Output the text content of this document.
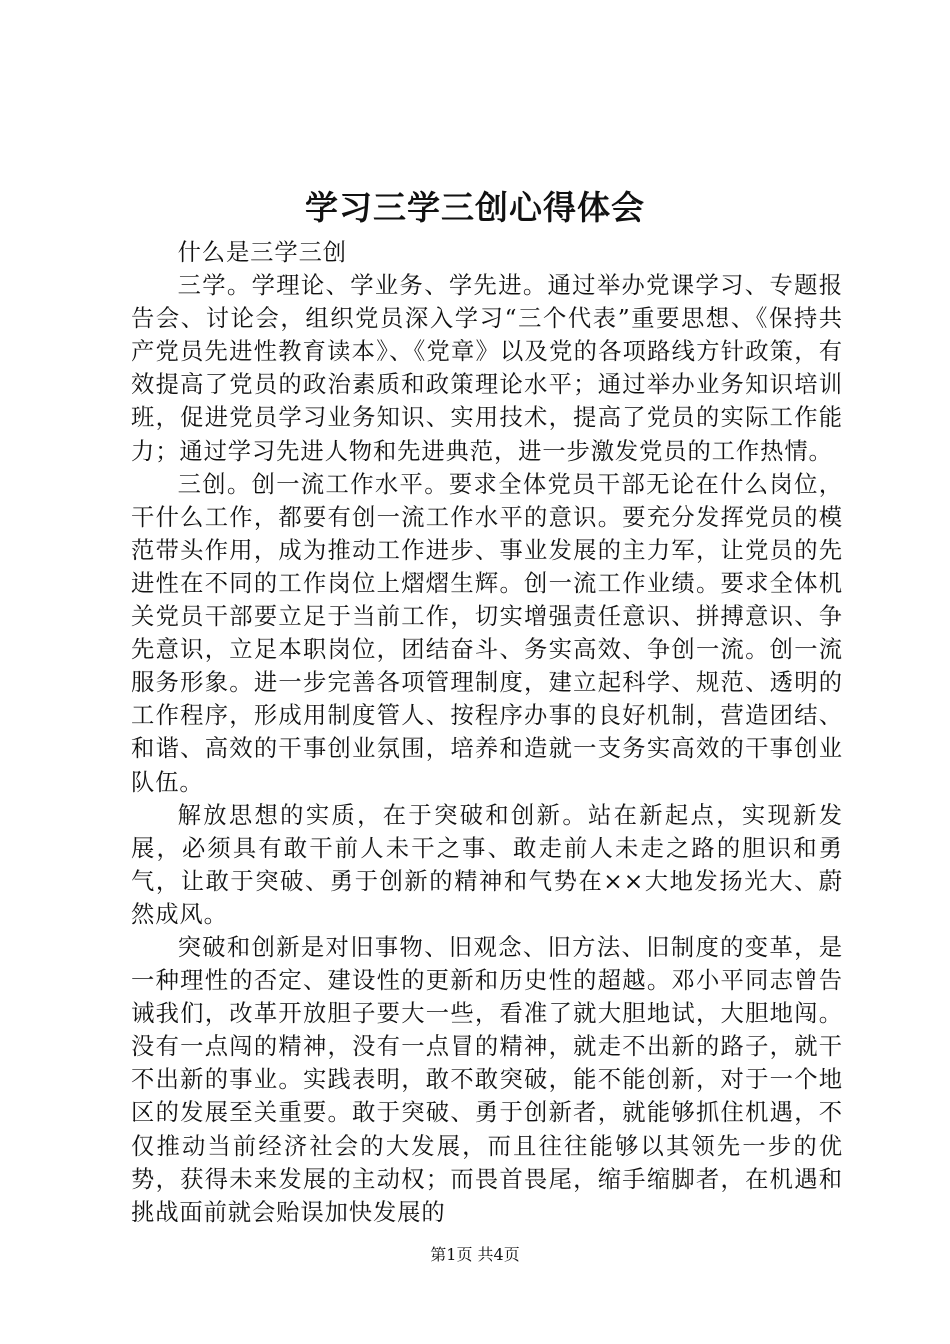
学习三学三创心得体会

什么是三学三创

三学。学理论、学业务、学先进。通过举办党课学习、专题报告会、讨论会，组织党员深入学习“三个代表”重要思想、《保持共产党员先进性教育读本》、《党章》以及党的各项路线方针政策，有效提高了党员的政治素质和政策理论水平；通过举办业务知识培训班，促进党员学习业务知识、实用技术，提高了党员的实际工作能力；通过学习先进人物和先进典范，进一步激发党员的工作热情。

三创。创一流工作水平。要求全体党员干部无论在什么岗位，干什么工作，都要有创一流工作水平的意识。要充分发挥党员的模范带头作用，成为推动工作进步、事业发展的主力军，让党员的先进性在不同的工作岗位上熠熠生辉。创一流工作业绩。要求全体机关党员干部要立足于当前工作，切实增强责任意识、拼搏意识、争先意识，立足本职岗位，团结奋斗、务实高效、争创一流。创一流服务形象。进一步完善各项管理制度，建立起科学、规范、透明的工作程序，形成用制度管人、按程序办事的良好机制，营造团结、和谐、高效的干事创业氛围，培养和造就一支务实高效的干事创业队伍。

解放思想的实质，在于突破和创新。站在新起点，实现新发展，必须具有敢干前人未干之事、敢走前人未走之路的胆识和勇气，让敢于突破、勇于创新的精神和气势在××大地发扬光大、蔚然成风。

突破和创新是对旧事物、旧观念、旧方法、旧制度的变革，是一种理性的否定、建设性的更新和历史性的超越。邓小平同志曾告诫我们，改革开放胆子要大一些，看准了就大胆地试，大胆地闯。没有一点闯的精神，没有一点冒的精神，就走不出新的路子，就干不出新的事业。实践表明，敢不敢突破，能不能创新，对于一个地区的发展至关重要。敢于突破、勇于创新者，就能够抓住机遇，不仅推动当前经济社会的大发展，而且往往能够以其领先一步的优势，获得未来发展的主动权；而畏首畏尾，缩手缩脚者，在机遇和挑战面前就会贻误加快发展的

第1页 共4页
